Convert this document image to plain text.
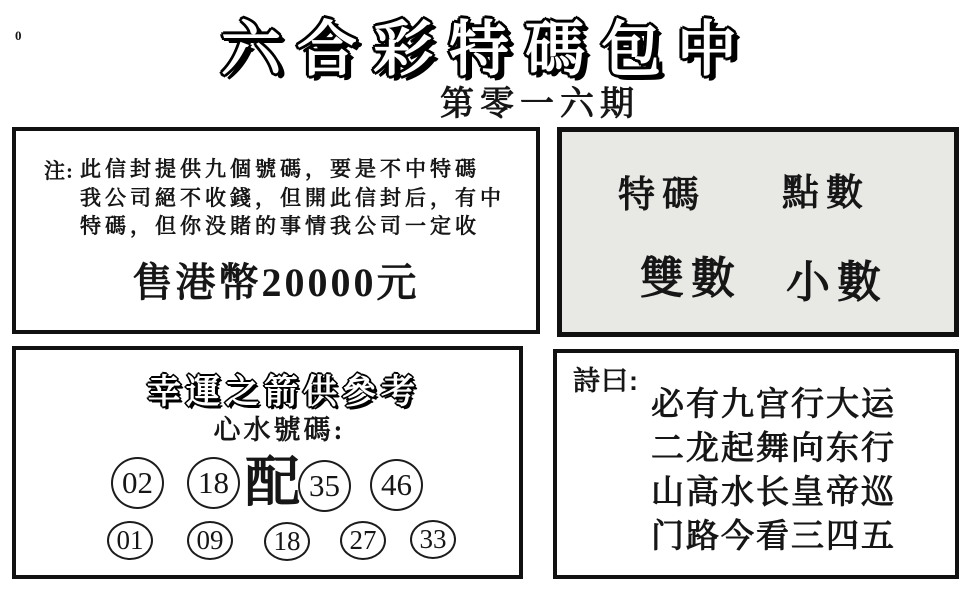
0	六合彩特碼包中
第零一六期
注: 此信封提供九個號碼，要是不中特碼
我公司絕不收錢，但開此信封后，有中
特碼，但你没賭的事情我公司一定收
售港幣20000元
特碼 點數
雙數 小數
幸運之箭供參考
心水號碼:
配
02	18	35	46
01	09	18	27	33
詩曰:
必有九宫行大运
二龙起舞向东行
山高水长皇帝巡
门路今看三四五
